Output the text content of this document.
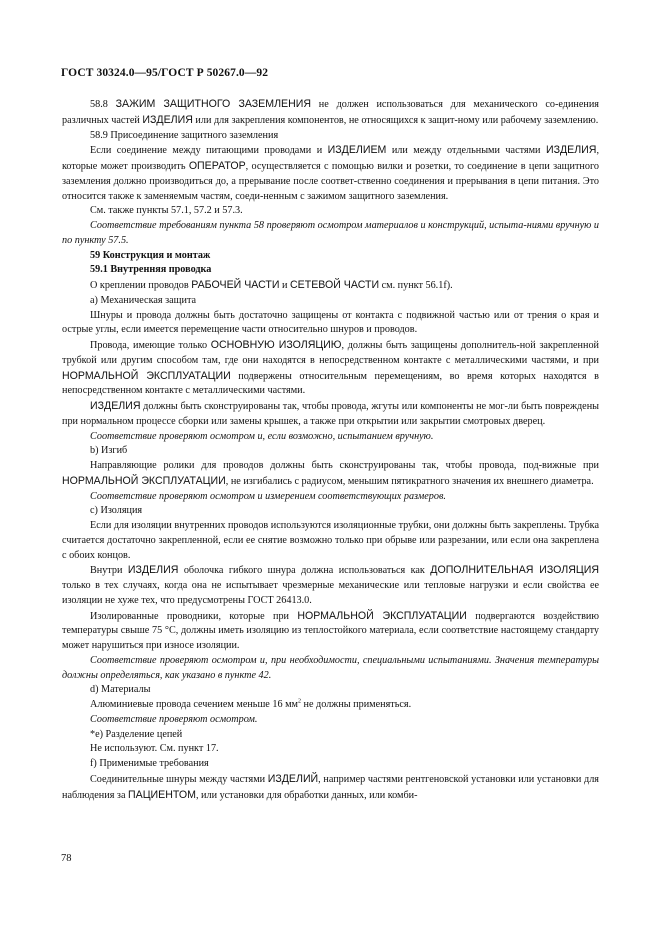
ГОСТ 30324.0—95/ГОСТ Р 50267.0—92

58.8 ЗАЖИМ ЗАЩИТНОГО ЗАЗЕМЛЕНИЯ не должен использоваться для механического со-единения различных частей ИЗДЕЛИЯ или для закрепления компонентов, не относящихся к защит-ному или рабочему заземлению.

58.9 Присоединение защитного заземления

Если соединение между питающими проводами и ИЗДЕЛИЕМ или между отдельными частями ИЗДЕЛИЯ, которые может производить ОПЕРАТОР, осуществляется с помощью вилки и розетки, то соединение в цепи защитного заземления должно производиться до, а прерывание после соответ-ственно соединения и прерывания в цепи питания. Это относится также к заменяемым частям, соеди-ненным с зажимом защитного заземления.

См. также пункты 57.1, 57.2 и 57.3.

Соответствие требованиям пункта 58 проверяют осмотром материалов и конструкций, испыта-ниями вручную и по пункту 57.5.

59 Конструкция и монтаж

59.1 Внутренняя проводка

О креплении проводов РАБОЧЕЙ ЧАСТИ и СЕТЕВОЙ ЧАСТИ см. пункт 56.1f).

а) Механическая защита

Шнуры и провода должны быть достаточно защищены от контакта с подвижной частью или от трения о края и острые углы, если имеется перемещение части относительно шнуров и проводов.

Провода, имеющие только ОСНОВНУЮ ИЗОЛЯЦИЮ, должны быть защищены дополнитель-ной закрепленной трубкой или другим способом там, где они находятся в непосредственном контакте с металлическими частями, и при НОРМАЛЬНОЙ ЭКСПЛУАТАЦИИ подвержены относительным перемещениям, во время которых находятся в непосредственном контакте с металлическими частями.

ИЗДЕЛИЯ должны быть сконструированы так, чтобы провода, жгуты или компоненты не мог-ли быть повреждены при нормальном процессе сборки или замены крышек, а также при открытии или закрытии смотровых дверец.

Соответствие проверяют осмотром и, если возможно, испытанием вручную.

b) Изгиб

Направляющие ролики для проводов должны быть сконструированы так, чтобы провода, под-вижные при НОРМАЛЬНОЙ ЭКСПЛУАТАЦИИ, не изгибались с радиусом, меньшим пятикратного значения их внешнего диаметра.

Соответствие проверяют осмотром и измерением соответствующих размеров.

c) Изоляция

Если для изоляции внутренних проводов используются изоляционные трубки, они должны быть закреплены. Трубка считается достаточно закрепленной, если ее снятие возможно только при обрыве или разрезании, или если она закреплена с обоих концов.

Внутри ИЗДЕЛИЯ оболочка гибкого шнура должна использоваться как ДОПОЛНИТЕЛЬНАЯ ИЗОЛЯЦИЯ только в тех случаях, когда она не испытывает чрезмерные механические или тепловые нагрузки и если свойства ее изоляции не хуже тех, что предусмотрены ГОСТ 26413.0.

Изолированные проводники, которые при НОРМАЛЬНОЙ ЭКСПЛУАТАЦИИ подвергаются воздействию температуры свыше 75 °С, должны иметь изоляцию из теплостойкого материала, если соответствие настоящему стандарту может нарушиться при износе изоляции.

Соответствие проверяют осмотром и, при необходимости, специальными испытаниями. Значения температуры должны определяться, как указано в пункте 42.

d) Материалы

Алюминиевые провода сечением меньше 16 $мм^2$ не должны применяться.

Соответствие проверяют осмотром.

*е) Разделение цепей

Не используют. См. пункт 17.

f) Применимые требования

Соединительные шнуры между частями ИЗДЕЛИЙ, например частями рентгеновской установки или установки для наблюдения за ПАЦИЕНТОМ, или установки для обработки данных, или комби-

78
